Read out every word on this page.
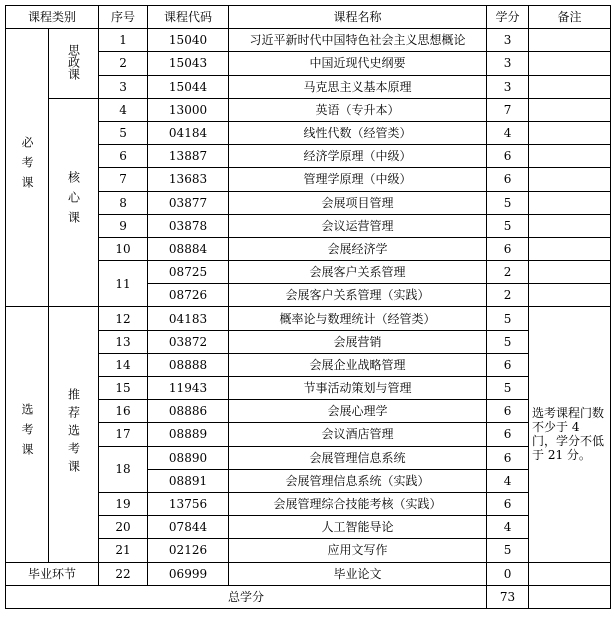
课程类别		序号	课程代码	课程名称	学分	备注
必考课	思政课	1	15040	习近平新时代中国特色社会主义思想概论	3	
		2	15043	中国近现代史纲要	3	
		3	15044	马克思主义基本原理	3	
	核心课	4	13000	英语（专升本）	7	
		5	04184	线性代数（经管类）	4	
		6	13887	经济学原理（中级）	6	
		7	13683	管理学原理（中级）	6	
		8	03877	会展项目管理	5	
		9	03878	会议运营管理	5	
		10	08884	会展经济学	6	
		11	08725	会展客户关系管理	2	
			08726	会展客户关系管理（实践）	2	
选考课	推荐选考课	12	04183	概率论与数理统计（经管类）	5	选考课程门数不少于 4 门，学分不低于 21 分。
		13	03872	会展营销	5	
		14	08888	会展企业战略管理	6	
		15	11943	节事活动策划与管理	5	
		16	08886	会展心理学	6	
		17	08889	会议酒店管理	6	
		18	08890	会展管理信息系统	6	
			08891	会展管理信息系统（实践）	4	
		19	13756	会展管理综合技能考核（实践）	6	
		20	07844	人工智能导论	4	
		21	02126	应用文写作	5	
毕业环节		22	06999	毕业论文	0	
总学分					73	
